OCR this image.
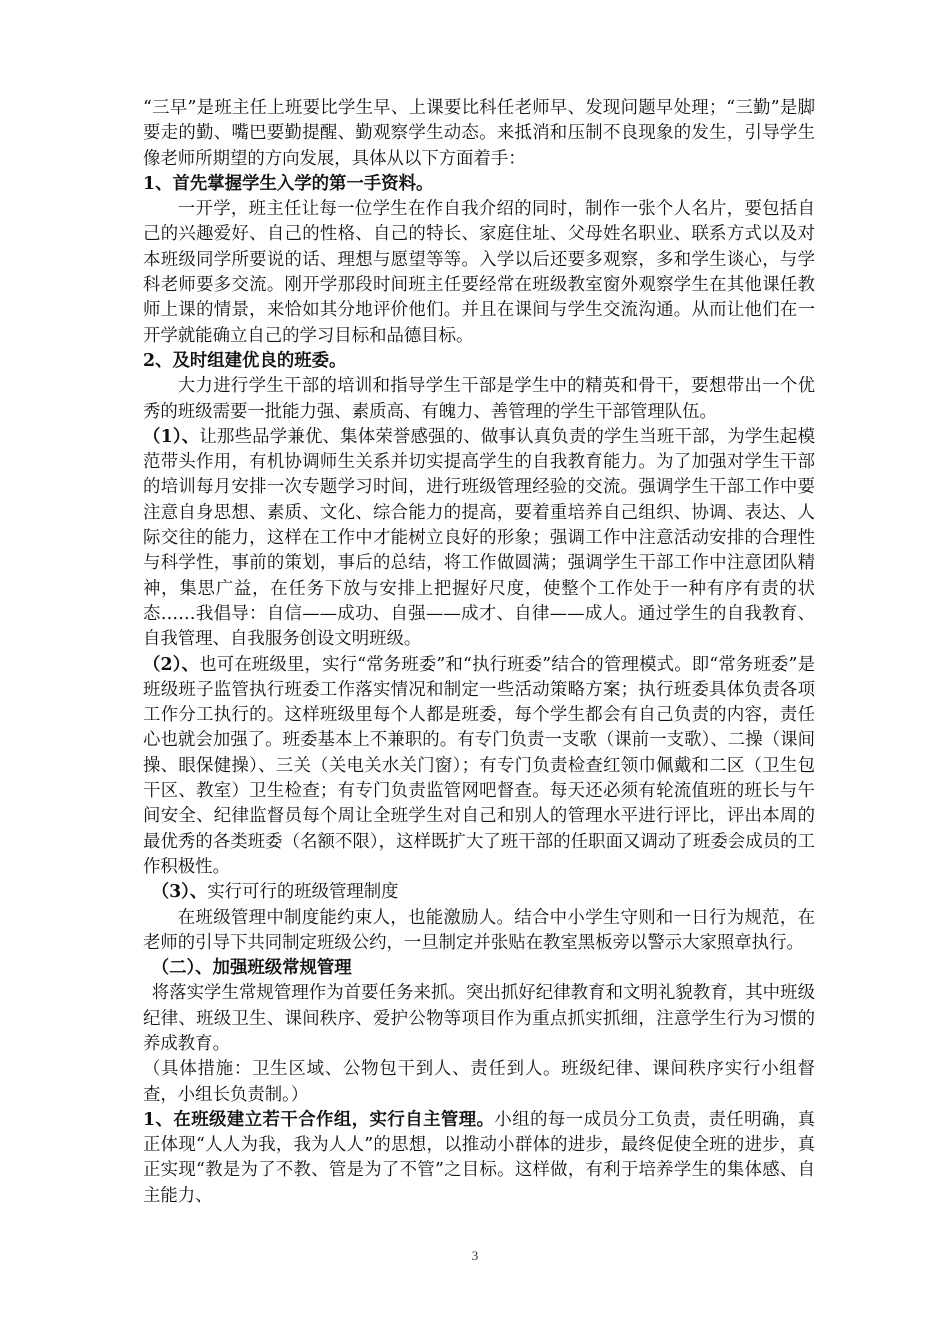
“三早”是班主任上班要比学生早、上课要比科任老师早、发现问题早处理；“三勤”是脚要走的勤、嘴巴要勤提醒、勤观察学生动态。来抵消和压制不良现象的发生，引导学生像老师所期望的方向发展，具体从以下方面着手：

1、首先掌握学生入学的第一手资料。

一开学，班主任让每一位学生在作自我介绍的同时，制作一张个人名片，要包括自己的兴趣爱好、自己的性格、自己的特长、家庭住址、父母姓名职业、联系方式以及对本班级同学所要说的话、理想与愿望等等。入学以后还要多观察，多和学生谈心，与学科老师要多交流。刚开学那段时间班主任要经常在班级教室窗外观察学生在其他课任教师上课的情景，来恰如其分地评价他们。并且在课间与学生交流沟通。从而让他们在一开学就能确立自己的学习目标和品德目标。

2、及时组建优良的班委。

大力进行学生干部的培训和指导学生干部是学生中的精英和骨干，要想带出一个优秀的班级需要一批能力强、素质高、有魄力、善管理的学生干部管理队伍。

（1）、让那些品学兼优、集体荣誉感强的、做事认真负责的学生当班干部，为学生起模范带头作用，有机协调师生关系并切实提高学生的自我教育能力。为了加强对学生干部的培训每月安排一次专题学习时间，进行班级管理经验的交流。强调学生干部工作中要注意自身思想、素质、文化、综合能力的提高，要着重培养自己组织、协调、表达、人际交往的能力，这样在工作中才能树立良好的形象；强调工作中注意活动安排的合理性与科学性，事前的策划，事后的总结，将工作做圆满；强调学生干部工作中注意团队精神，集思广益，在任务下放与安排上把握好尺度，使整个工作处于一种有序有责的状态……我倡导：自信——成功、自强——成才、自律——成人。通过学生的自我教育、自我管理、自我服务创设文明班级。

（2）、也可在班级里，实行“常务班委”和“执行班委”结合的管理模式。即“常务班委”是班级班子监管执行班委工作落实情况和制定一些活动策略方案；执行班委具体负责各项工作分工执行的。这样班级里每个人都是班委，每个学生都会有自己负责的内容，责任心也就会加强了。班委基本上不兼职的。有专门负责一支歌（课前一支歌）、二操（课间操、眼保健操）、三关（关电关水关门窗）；有专门负责检查红领巾佩戴和二区（卫生包干区、教室）卫生检查；有专门负责监管网吧督查。每天还必须有轮流值班的班长与午间安全、纪律监督员每个周让全班学生对自己和别人的管理水平进行评比，评出本周的最优秀的各类班委（名额不限），这样既扩大了班干部的任职面又调动了班委会成员的工作积极性。

（3）、实行可行的班级管理制度

在班级管理中制度能约束人，也能激励人。结合中小学生守则和一日行为规范，在老师的引导下共同制定班级公约，一旦制定并张贴在教室黑板旁以警示大家照章执行。

（二）、加强班级常规管理

将落实学生常规管理作为首要任务来抓。突出抓好纪律教育和文明礼貌教育，其中班级纪律、班级卫生、课间秩序、爱护公物等项目作为重点抓实抓细，注意学生行为习惯的养成教育。

（具体措施：卫生区域、公物包干到人、责任到人。班级纪律、课间秩序实行小组督查，小组长负责制。）

1、在班级建立若干合作组，实行自主管理。小组的每一成员分工负责，责任明确，真正体现“人人为我，我为人人”的思想，以推动小群体的进步，最终促使全班的进步，真正实现“教是为了不教、管是为了不管”之目标。这样做，有利于培养学生的集体感、自主能力、

3
